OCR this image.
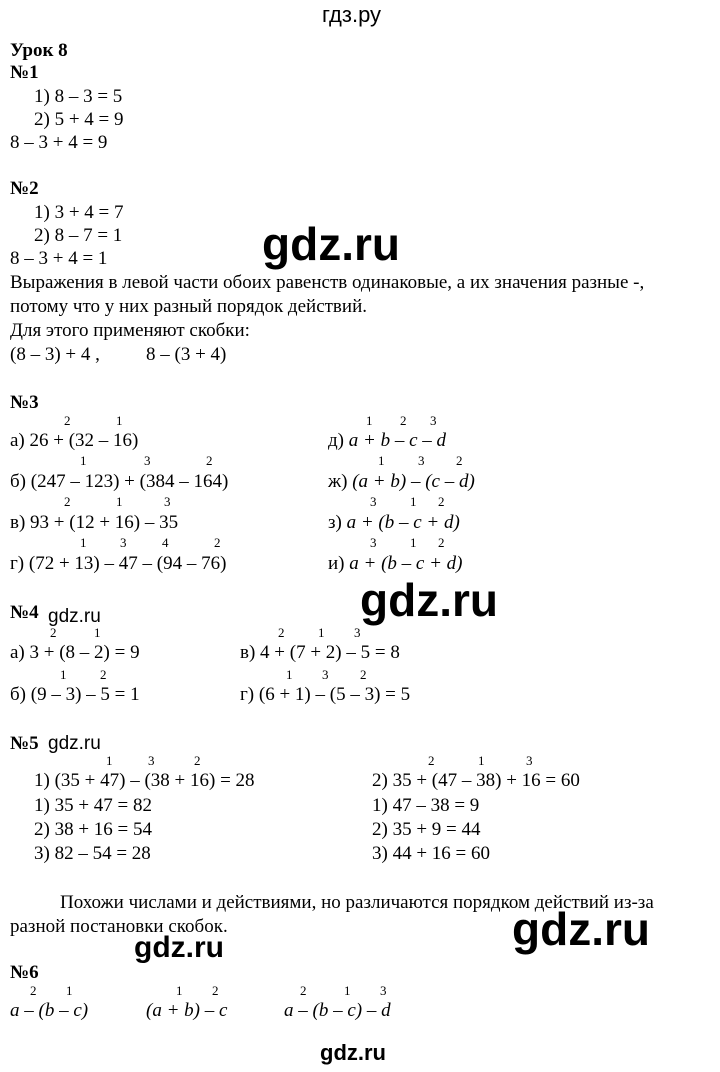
гдз.ру
Урок 8
№1
1) 8 – 3 = 5
2) 5 + 4 = 9
8 – 3 + 4 = 9
№2
1) 3 + 4 = 7
2) 8 – 7 = 1
8 – 3 + 4 = 1
Выражения в левой части обоих равенств одинаковые, а их значения разные -,
потому что у них разный порядок действий.
Для этого применяют скобки:
(8 – 3) + 4 , 8 – (3 + 4)
№3
2	1
а) 26 + (32 – 16)
1	3	2
б) (247 – 123) + (384 – 164)
2	1	3
в) 93 + (12 + 16) – 35
1	3	4	2
г) (72 + 13) – 47 – (94 – 76)
1 2 3
д) a + b – c – d
1	3 2
ж) (a + b) – (c – d)
3	1 2
з) a + (b – c + d)
3	1 2
и) a + (b – c + d)
№4
2	1
а) 3 + (8 – 2) = 9
2	1 3
в) 4 + (7 + 2) – 5 = 8
1	2
б) (9 – 3) – 5 = 1
1 3 2
г) (6 + 1) – (5 – 3) = 5
№5
1	3	2
1) (35 + 47) – (38 + 16) = 28
1) 35 + 47 = 82
2) 38 + 16 = 54
3) 82 – 54 = 28
2	1	3
2) 35 + (47 – 38) + 16 = 60
1) 47 – 38 = 9
2) 35 + 9 = 44
3) 44 + 16 = 60
Похожи числами и действиями, но различаются порядком действий из-за
разной постановки скобок.
№6
2 1
a – (b – c)
1 2
(a + b) – c
2	1 3
a – (b – c) – d
gdz.ru
gdz.ru
gdz.ru
gdz.ru
gdz.ru
gdz.ru
gdz.ru
